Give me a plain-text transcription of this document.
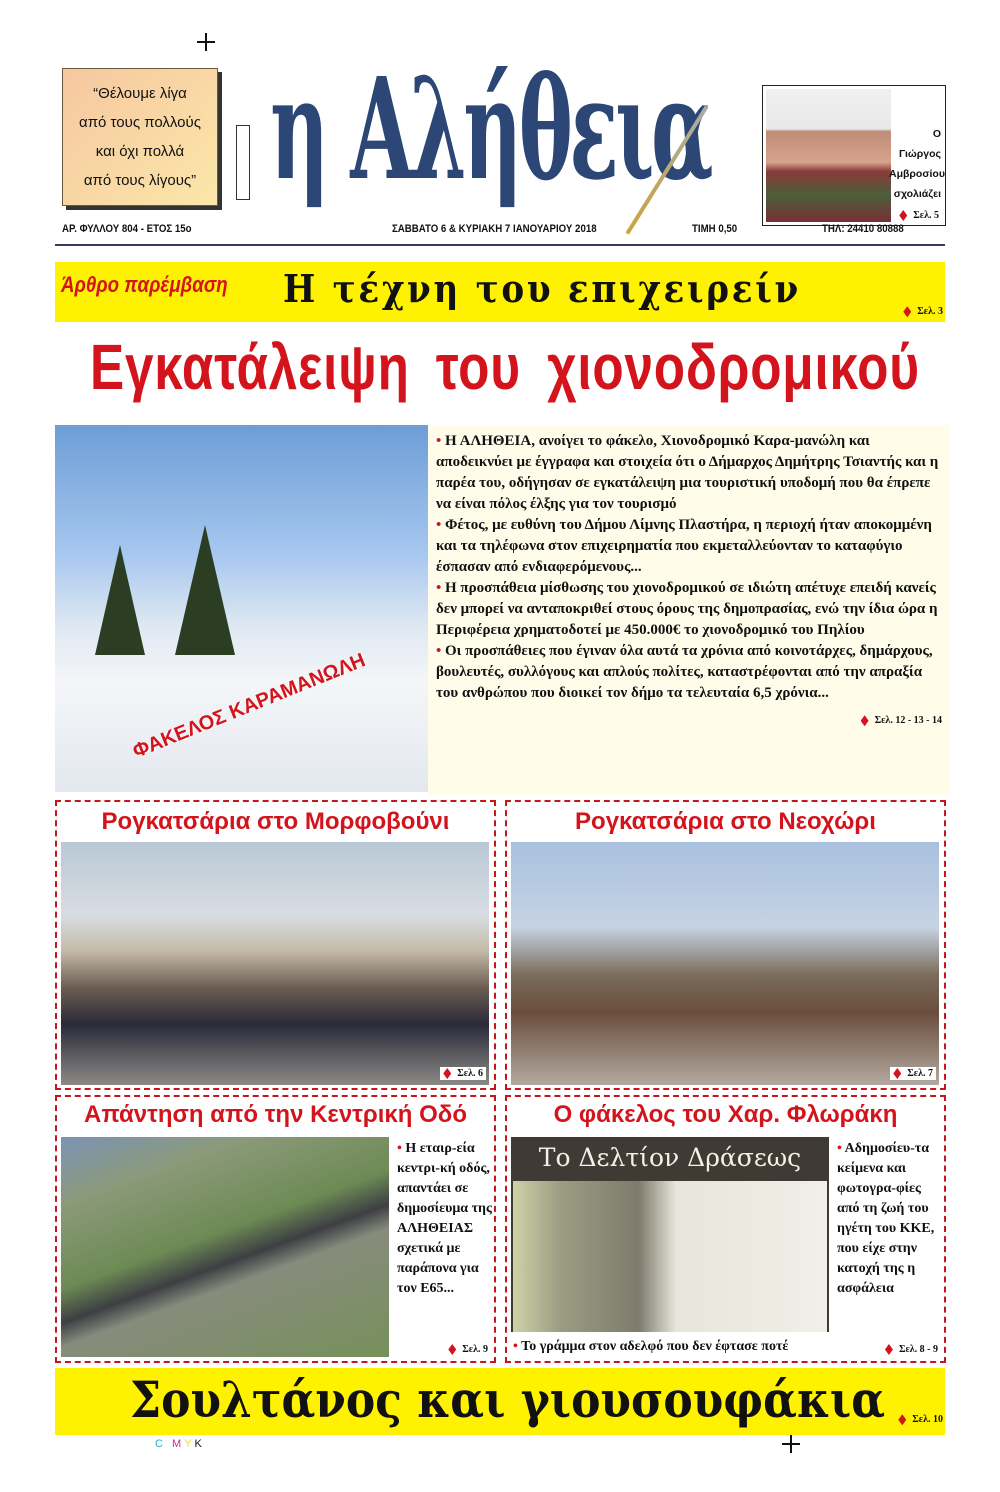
“Θέλουμε λίγα
από τους πολλούς
και όχι πολλά
από τους λίγους” η Αλήθεια	Ο Γιώργος
Αμβροσίου
σχολιάζει
Σελ. 5
ΑΡ. ΦΥΛΛΟΥ 804 - ΕΤΟΣ 15ο	ΣΑΒΒΑΤΟ 6 & ΚΥΡΙΑΚΗ 7 ΙΑΝΟΥΑΡΙΟΥ 2018	ΤΙΜΗ 0,50	ΤΗΛ: 24410 80888
Άρθρο παρέμβαση Η τέχνη του επιχειρείν
Σελ. 3
Εγκατάλειψη του χιονοδρομικού
ΦΑΚΕΛΟΣ ΚΑΡΑΜΑΝΩΛΗ
• Η ΑΛΗΘΕΙΑ, ανοίγει το φάκελο, Χιονοδρομικό Καρα-μανώλη και αποδεικνύει με έγγραφα και στοιχεία ότι ο Δήμαρχος Δημήτρης Τσιαντής και η παρέα του, οδήγησαν σε εγκατάλειψη μια τουριστική υποδομή που θα έπρεπε να είναι πόλος έλξης για τον τουρισμό
• Φέτος, με ευθύνη του Δήμου Λίμνης Πλαστήρα, η περιοχή ήταν αποκομμένη και τα τηλέφωνα στον επιχειρηματία που εκμεταλλεύονταν το καταφύγιο έσπασαν από ενδιαφερόμενους...
• Η προσπάθεια μίσθωσης του χιονοδρομικού σε ιδιώτη απέτυχε επειδή κανείς δεν μπορεί να ανταποκριθεί στους όρους της δημοπρασίας, ενώ την ίδια ώρα η Περιφέρεια χρηματοδοτεί με 450.000€ το χιονοδρομικό του Πηλίου
• Οι προσπάθειες που έγιναν όλα αυτά τα χρόνια από κοινοτάρχες, δημάρχους, βουλευτές, συλλόγους και απλούς πολίτες, καταστρέφονται από την απραξία του ανθρώπου που διοικεί τον δήμο τα τελευταία 6,5 χρόνια...
Σελ. 12 - 13 - 14
Ρογκατσάρια στο Μορφοβούνι
Σελ. 6
Ρογκατσάρια στο Νεοχώρι
Σελ. 7
Απάντηση από την Κεντρική Οδό
• Η εταιρ-εία κεντρι-κή οδός, απαντάει σε δημοσίευμα της ΑΛΗΘΕΙΑΣ σχετικά με παράπονα για τον Ε65...
Σελ. 9
Ο φάκελος του Χαρ. Φλωράκη
Το Δελτίον Δράσεως	• Αδημοσίευ-τα κείμενα και φωτογρα-φίες από τη ζωή του ηγέτη του ΚΚΕ, που είχε στην κατοχή της η ασφάλεια
• Το γράμμα στον αδελφό που δεν έφτασε ποτέ	Σελ. 8 - 9
Σουλτάνος και γιουσουφάκια	Σελ. 10
C MYK
